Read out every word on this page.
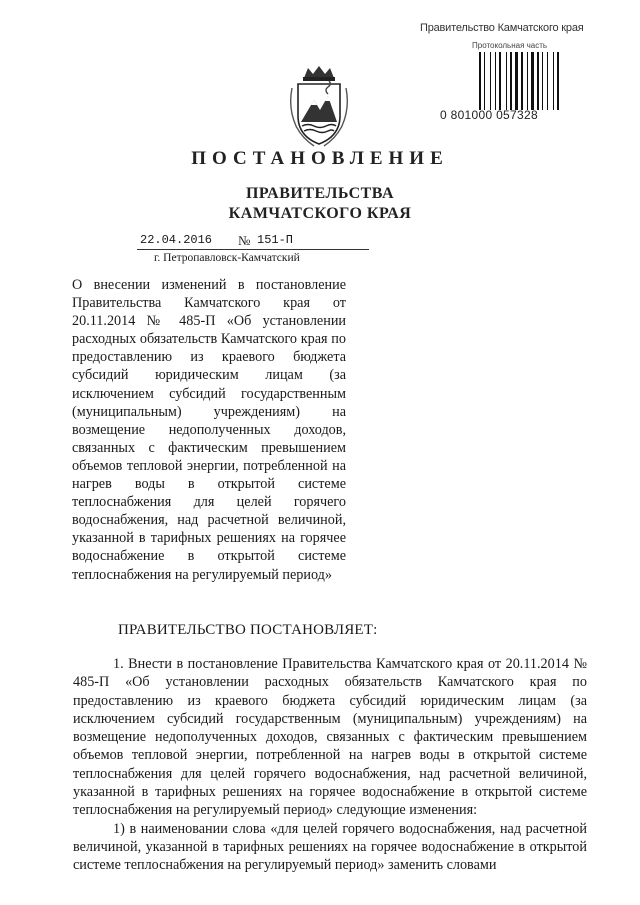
Правительство Камчатского края
Протокольная часть
0 801000 057328
ПОСТАНОВЛЕНИЕ
ПРАВИТЕЛЬСТВА
КАМЧАТСКОГО КРАЯ
22.04.2016 № 151-П
г. Петропавловск-Камчатский
О внесении изменений в постановление Правительства Камчатского края от 20.11.2014 № 485-П «Об установлении расходных обязательств Камчатского края по предоставлению из краевого бюджета субсидий юридическим лицам (за исключением субсидий государственным (муниципальным) учреждениям) на возмещение недополученных доходов, связанных с фактическим превышением объемов тепловой энергии, потребленной на нагрев воды в открытой системе теплоснабжения для целей горячего водоснабжения, над расчетной величиной, указанной в тарифных решениях на горячее водоснабжение в открытой системе теплоснабжения на регулируемый период»
ПРАВИТЕЛЬСТВО ПОСТАНОВЛЯЕТ:

1. Внести в постановление Правительства Камчатского края от 20.11.2014 № 485-П «Об установлении расходных обязательств Камчатского края по предоставлению из краевого бюджета субсидий юридическим лицам (за исключением субсидий государственным (муниципальным) учреждениям) на возмещение недополученных доходов, связанных с фактическим превышением объемов тепловой энергии, потребленной на нагрев воды в открытой системе теплоснабжения для целей горячего водоснабжения, над расчетной величиной, указанной в тарифных решениях на горячее водоснабжение в открытой системе теплоснабжения на регулируемый период» следующие изменения:

1) в наименовании слова «для целей горячего водоснабжения, над расчетной величиной, указанной в тарифных решениях на горячее водоснабжение в открытой системе теплоснабжения на регулируемый период» заменить словами
